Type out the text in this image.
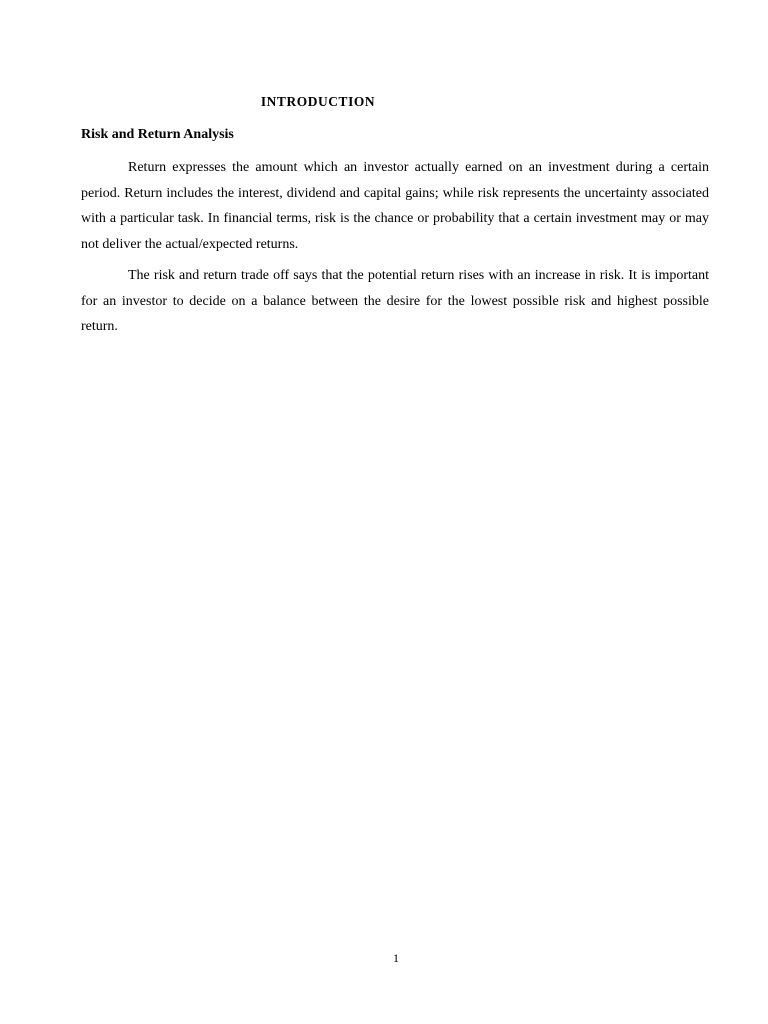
INTRODUCTION
Risk and Return Analysis

Return expresses the amount which an investor actually earned on an investment during a certain period. Return includes the interest, dividend and capital gains; while risk represents the uncertainty associated with a particular task. In financial terms, risk is the chance or probability that a certain investment may or may not deliver the actual/expected returns.

The risk and return trade off says that the potential return rises with an increase in risk. It is important for an investor to decide on a balance between the desire for the lowest possible risk and highest possible return.

1
